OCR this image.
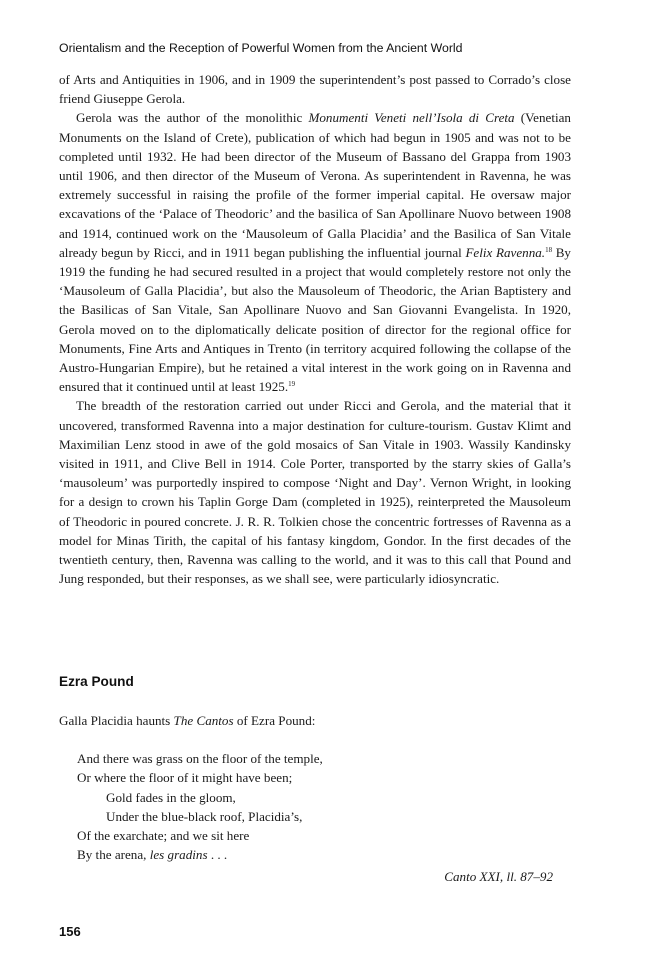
Orientalism and the Reception of Powerful Women from the Ancient World

of Arts and Antiquities in 1906, and in 1909 the superintendent’s post passed to Corrado’s close friend Giuseppe Gerola.

Gerola was the author of the monolithic Monumenti Veneti nell’Isola di Creta (Venetian Monuments on the Island of Crete), publication of which had begun in 1905 and was not to be completed until 1932. He had been director of the Museum of Bassano del Grappa from 1903 until 1906, and then director of the Museum of Verona. As superintendent in Ravenna, he was extremely successful in raising the profile of the former imperial capital. He oversaw major excavations of the ‘Palace of Theodoric’ and the basilica of San Apollinare Nuovo between 1908 and 1914, continued work on the ‘Mausoleum of Galla Placidia’ and the Basilica of San Vitale already begun by Ricci, and in 1911 began publishing the influential journal Felix Ravenna.$^{18}$ By 1919 the funding he had secured resulted in a project that would completely restore not only the ‘Mausoleum of Galla Placidia’, but also the Mausoleum of Theodoric, the Arian Baptistery and the Basilicas of San Vitale, San Apollinare Nuovo and San Giovanni Evangelista. In 1920, Gerola moved on to the diplomatically delicate position of director for the regional office for Monuments, Fine Arts and Antiques in Trento (in territory acquired following the collapse of the Austro-Hungarian Empire), but he retained a vital interest in the work going on in Ravenna and ensured that it continued until at least 1925.19

The breadth of the restoration carried out under Ricci and Gerola, and the material that it uncovered, transformed Ravenna into a major destination for culture-tourism. Gustav Klimt and Maximilian Lenz stood in awe of the gold mosaics of San Vitale in 1903. Wassily Kandinsky visited in 1911, and Clive Bell in 1914. Cole Porter, transported by the starry skies of Galla’s ‘mausoleum’ was purportedly inspired to compose ‘Night and Day’. Vernon Wright, in looking for a design to crown his Taplin Gorge Dam (completed in 1925), reinterpreted the Mausoleum of Theodoric in poured concrete. J. R. R. Tolkien chose the concentric fortresses of Ravenna as a model for Minas Tirith, the capital of his fantasy kingdom, Gondor. In the first decades of the twentieth century, then, Ravenna was calling to the world, and it was to this call that Pound and Jung responded, but their responses, as we shall see, were particularly idiosyncratic.

Ezra Pound
Galla Placidia haunts The Cantos of Ezra Pound:
And there was grass on the floor of the temple,
Or where the floor of it might have been;
Gold fades in the gloom,
Under the blue-black roof, Placidia’s,
Of the exarchate; and we sit here
By the arena, les gradins . . .
Canto XXI, ll. 87–92
156
